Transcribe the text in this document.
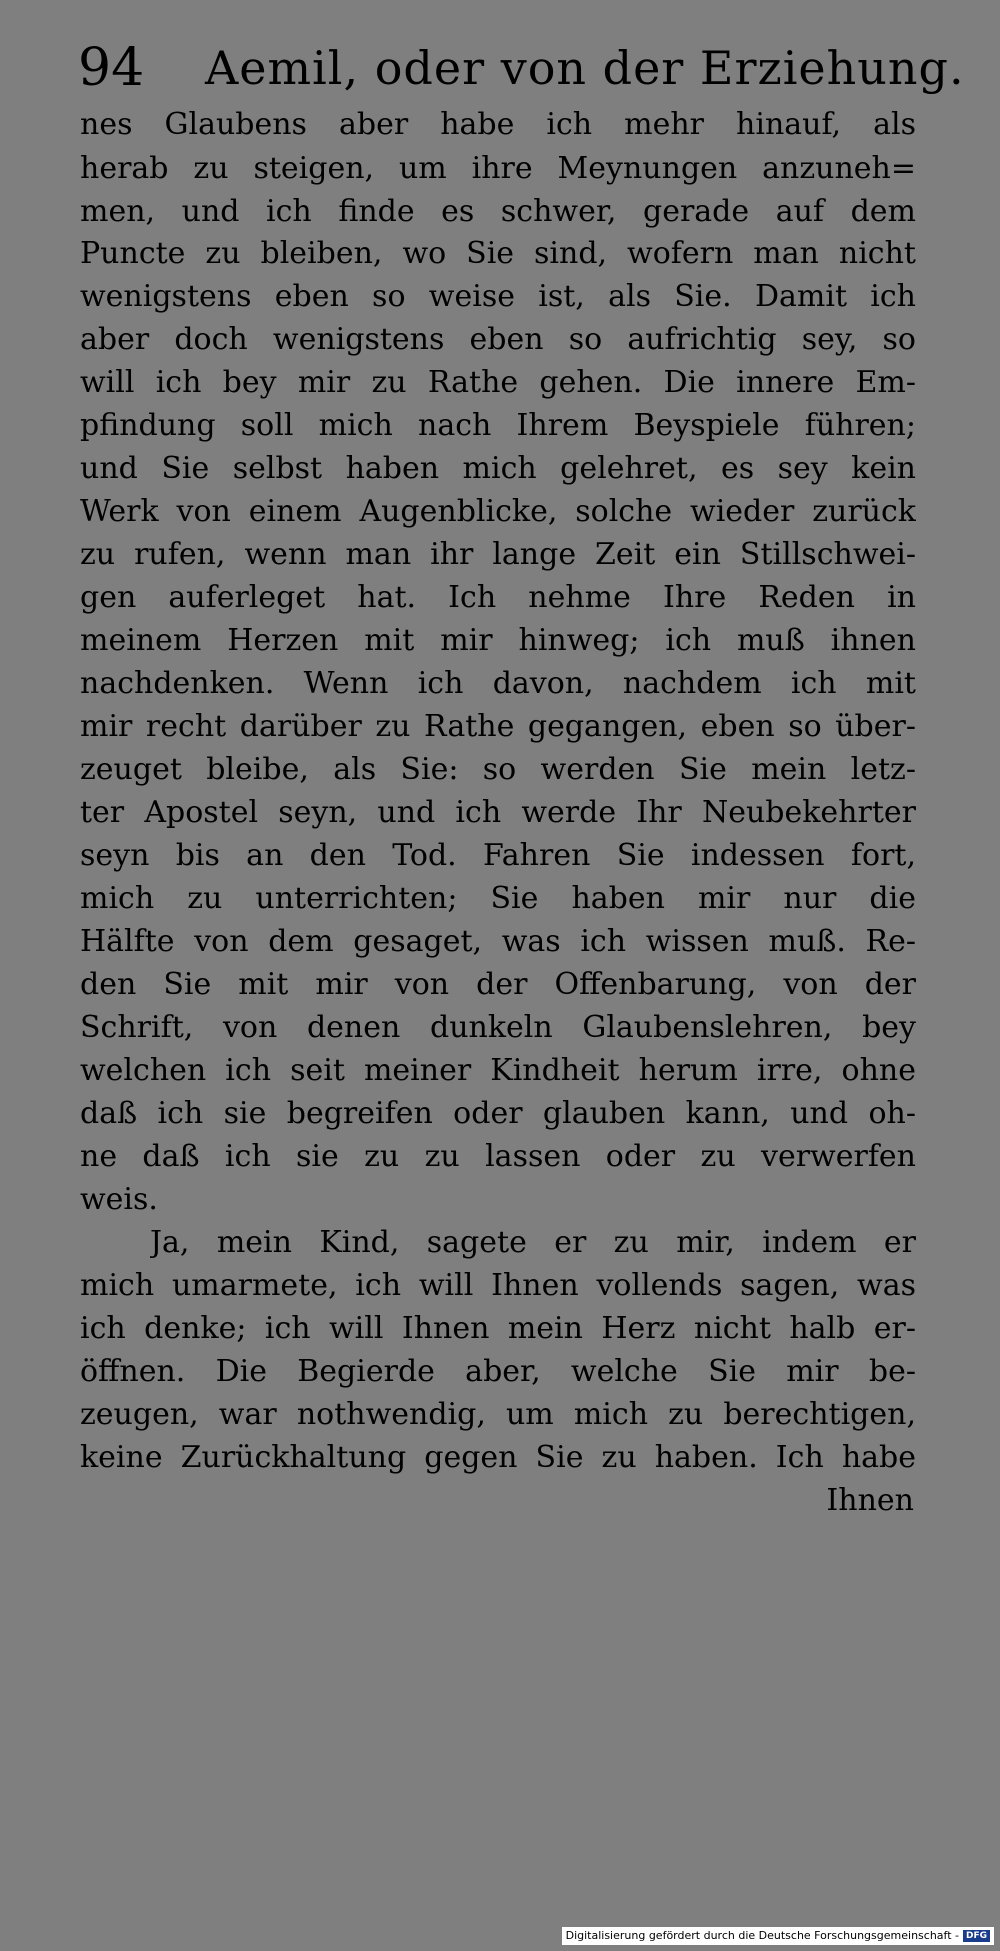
94 Aemil, oder von der Erziehung.
nes Glaubens aber habe ich mehr hinauf, als
herab zu steigen, um ihre Meynungen anzuneh=
men, und ich finde es schwer, gerade auf dem
Puncte zu bleiben, wo Sie sind, wofern man nicht
wenigstens eben so weise ist, als Sie. Damit ich
aber doch wenigstens eben so aufrichtig sey, so
will ich bey mir zu Rathe gehen. Die innere Em-
pfindung soll mich nach Ihrem Beyspiele führen;
und Sie selbst haben mich gelehret, es sey kein
Werk von einem Augenblicke, solche wieder zurück
zu rufen, wenn man ihr lange Zeit ein Stillschwei-
gen auferleget hat. Ich nehme Ihre Reden in
meinem Herzen mit mir hinweg; ich muß ihnen
nachdenken. Wenn ich davon, nachdem ich mit
mir recht darüber zu Rathe gegangen, eben so über-
zeuget bleibe, als Sie: so werden Sie mein letz-
ter Apostel seyn, und ich werde Ihr Neubekehrter
seyn bis an den Tod. Fahren Sie indessen fort,
mich zu unterrichten; Sie haben mir nur die
Hälfte von dem gesaget, was ich wissen muß. Re-
den Sie mit mir von der Offenbarung, von der
Schrift, von denen dunkeln Glaubenslehren, bey
welchen ich seit meiner Kindheit herum irre, ohne
daß ich sie begreifen oder glauben kann, und oh-
ne daß ich sie zu zu lassen oder zu verwerfen
weis.
Ja, mein Kind, sagete er zu mir, indem er
mich umarmete, ich will Ihnen vollends sagen, was
ich denke; ich will Ihnen mein Herz nicht halb er-
öffnen. Die Begierde aber, welche Sie mir be-
zeugen, war nothwendig, um mich zu berechtigen,
keine Zurückhaltung gegen Sie zu haben. Ich habe
Ihnen
Digitalisierung gefördert durch die Deutsche Forschungsgemeinschaft - DFG
